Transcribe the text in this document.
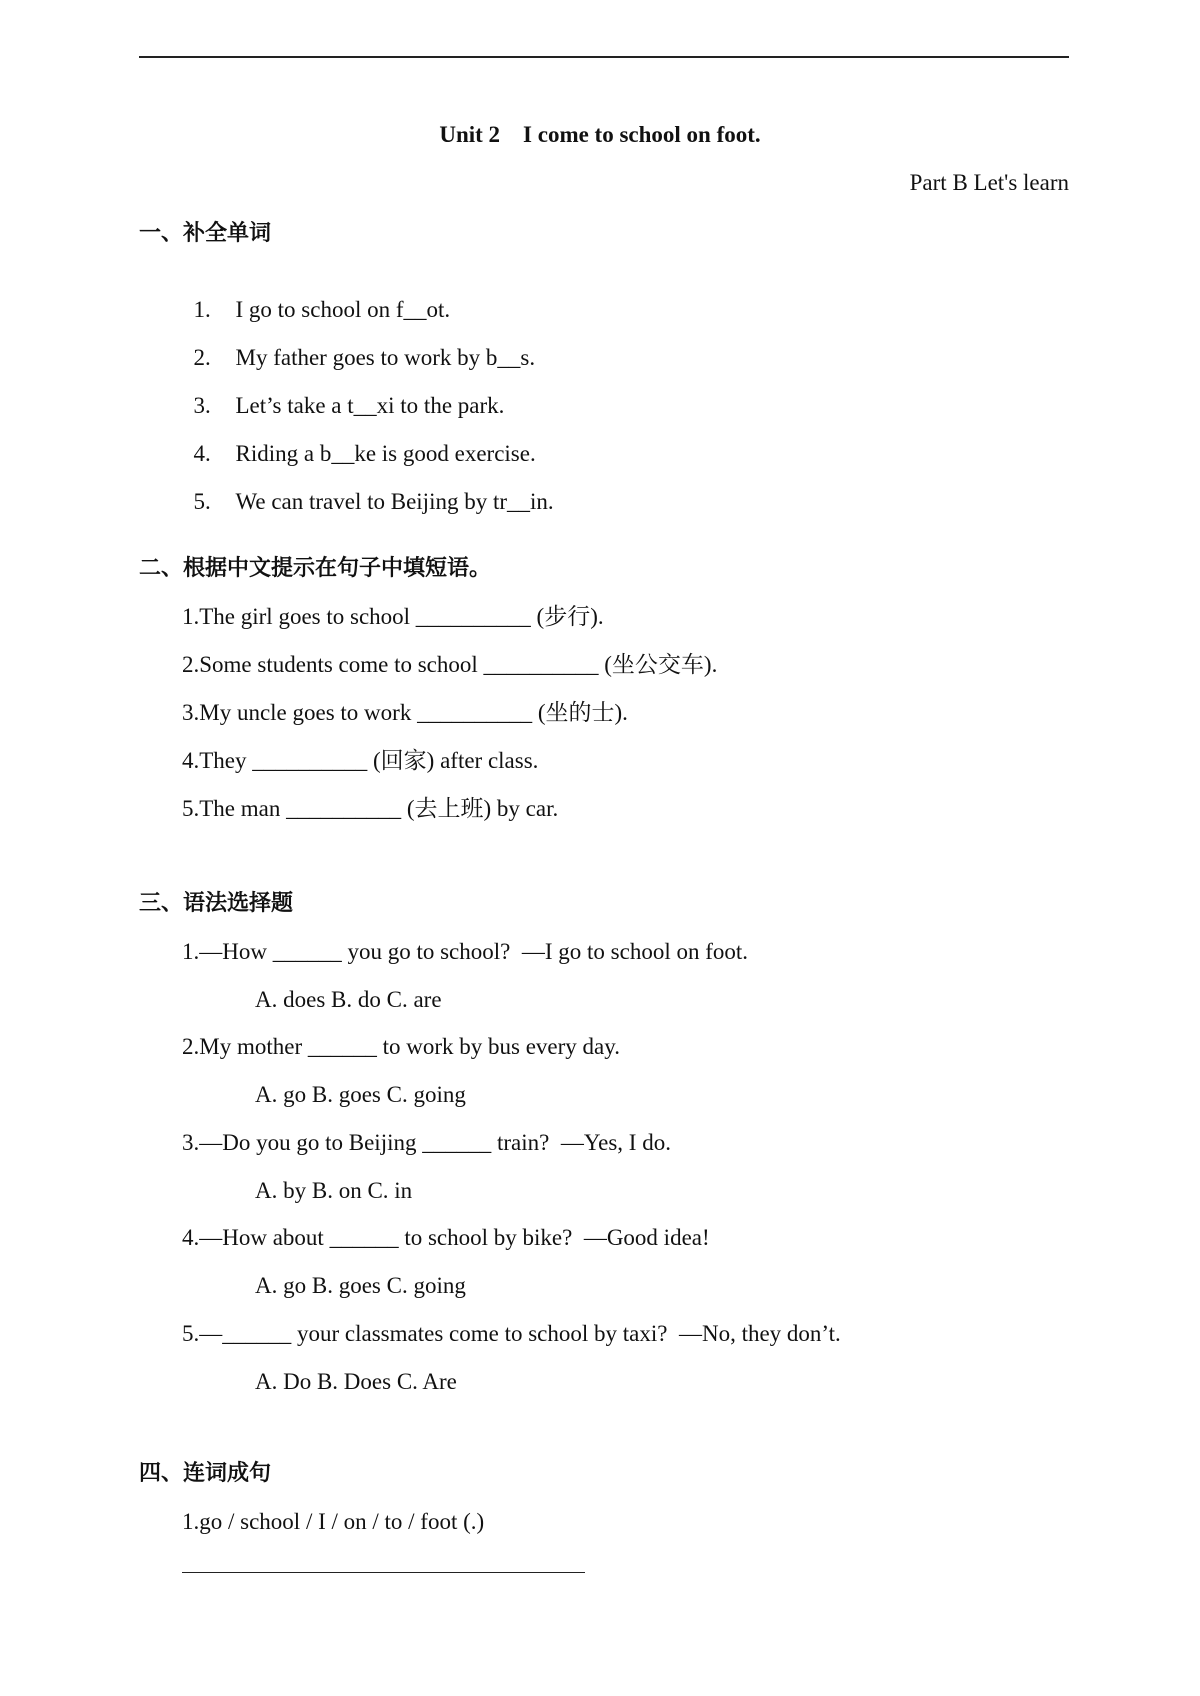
Unit 2    I come to school on foot.
Part B Let's learn
一、补全单词

1. I go to school on f__ot.

2. My father goes to work by b__s.

3. Let’s take a t__xi to the park.

4. Riding a b__ke is good exercise.

5. We can travel to Beijing by tr__in.

二、根据中文提示在句子中填短语。
1.The girl goes to school __________ (步行).
2.Some students come to school __________ (坐公交车).
3.My uncle goes to work __________ (坐的士).
4.They __________ (回家) after class.
5.The man __________ (去上班) by car.
三、语法选择题
1.—How ______ you go to school?  —I go to school on foot.
A. does B. do C. are
2.My mother ______ to work by bus every day.
A. go B. goes C. going
3.—Do you go to Beijing ______ train?  —Yes, I do.
A. by B. on C. in
4.—How about ______ to school by bike?  —Good idea!
A. go B. goes C. going
5.—______ your classmates come to school by taxi?  —No, they don’t.
A. Do B. Does C. Are
四、连词成句
1.go / school / I / on / to / foot (.)
